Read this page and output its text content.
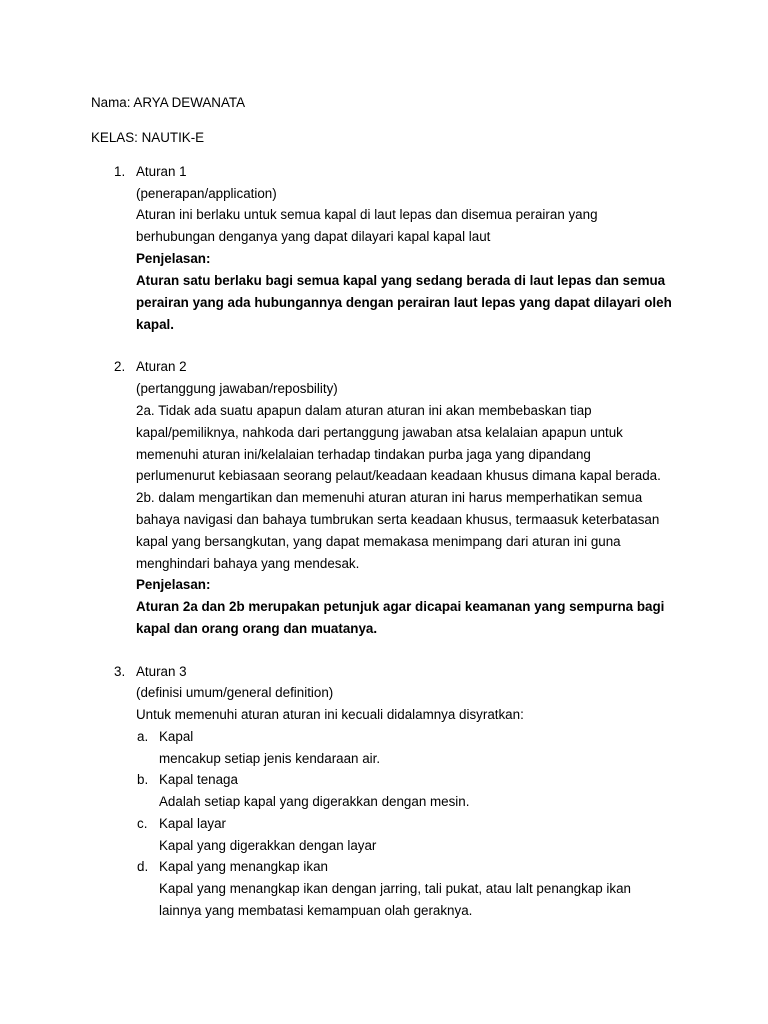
Nama: ARYA DEWANATA
KELAS: NAUTIK-E
1. Aturan 1
(penerapan/application)
Aturan ini berlaku untuk semua kapal di laut lepas dan disemua perairan yang
berhubungan denganya yang dapat dilayari kapal kapal laut
Penjelasan:
Aturan satu berlaku bagi semua kapal yang sedang berada di laut lepas dan semua
perairan yang ada hubungannya dengan perairan laut lepas yang dapat dilayari oleh
kapal.
2. Aturan 2
(pertanggung jawaban/reposbility)
2a. Tidak ada suatu apapun dalam aturan aturan ini akan membebaskan tiap
kapal/pemiliknya, nahkoda dari pertanggung jawaban atsa kelalaian apapun untuk
memenuhi aturan ini/kelalaian terhadap tindakan purba jaga yang dipandang
perlumenurut kebiasaan seorang pelaut/keadaan keadaan khusus dimana kapal berada.
2b. dalam mengartikan dan memenuhi aturan aturan ini harus memperhatikan semua
bahaya navigasi dan bahaya tumbrukan serta keadaan khusus, termaasuk keterbatasan
kapal yang bersangkutan, yang dapat memakasa menimpang dari aturan ini guna
menghindari bahaya yang mendesak.
Penjelasan:
Aturan 2a dan 2b merupakan petunjuk agar dicapai keamanan yang sempurna bagi
kapal dan orang orang dan muatanya.
3. Aturan 3
(definisi umum/general definition)
Untuk memenuhi aturan aturan ini kecuali didalamnya disyratkan:
a. Kapal
mencakup setiap jenis kendaraan air.
b. Kapal tenaga
Adalah setiap kapal yang digerakkan dengan mesin.
c. Kapal layar
Kapal yang digerakkan dengan layar
d. Kapal yang menangkap ikan
Kapal yang menangkap ikan dengan jarring, tali pukat, atau lalt penangkap ikan
lainnya yang membatasi kemampuan olah geraknya.
